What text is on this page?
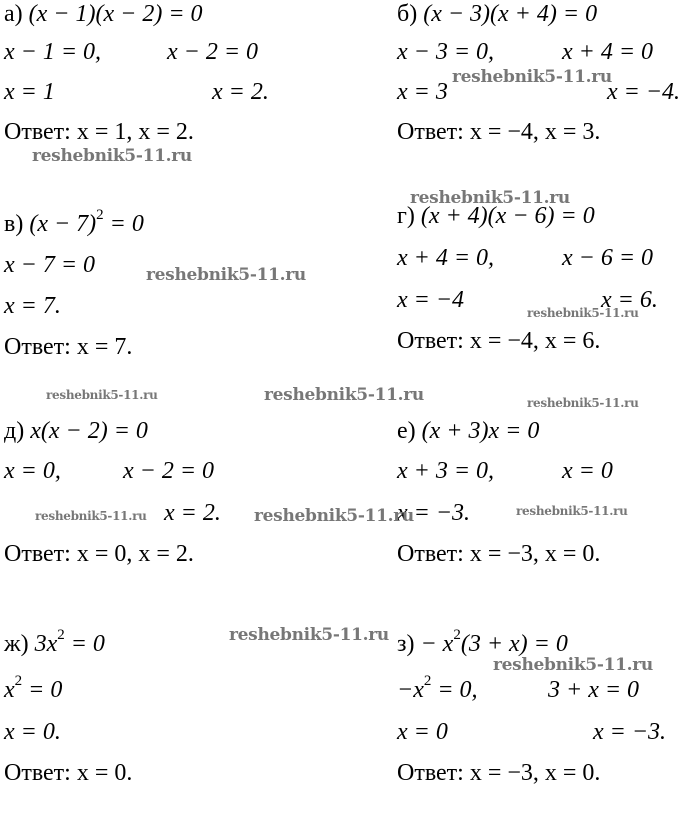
а) (x − 1)(x − 2) = 0
x − 1 = 0,	x − 2 = 0
x = 1	x = 2.
Ответ: x = 1, x = 2.
б) (x − 3)(x + 4) = 0
x − 3 = 0,	x + 4 = 0
x = 3	x = −4.
Ответ: x = −4, x = 3.
в) $(x - 7)^2 = 0$
x − 7 = 0
x = 7.
Ответ: x = 7.
г) (x + 4)(x − 6) = 0
x + 4 = 0,	x − 6 = 0
x = −4	x = 6.
Ответ: x = −4, x = 6.
д) x(x − 2) = 0
x = 0,	x − 2 = 0
x = 2.
Ответ: x = 0, x = 2.
е) (x + 3)x = 0
x + 3 = 0,	x = 0
x = −3.
Ответ: x = −3, x = 0.
ж) $3x^2 = 0$
$x^2 = 0$
x = 0.
Ответ: x = 0.
$з) - x^2(3 + x) = 0$
$-x^2 = 0$,	3 + x = 0
x = 0	x = −3.
Ответ: x = −3, x = 0.
reshebnik5-11.ru
reshebnik5-11.ru
reshebnik5-11.ru
reshebnik5-11.ru
reshebnik5-11.ru
reshebnik5-11.ru	reshebnik5-11.ru	reshebnik5-11.ru
reshebnik5-11.ru	reshebnik5-11.ru	reshebnik5-11.ru
reshebnik5-11.ru
reshebnik5-11.ru
